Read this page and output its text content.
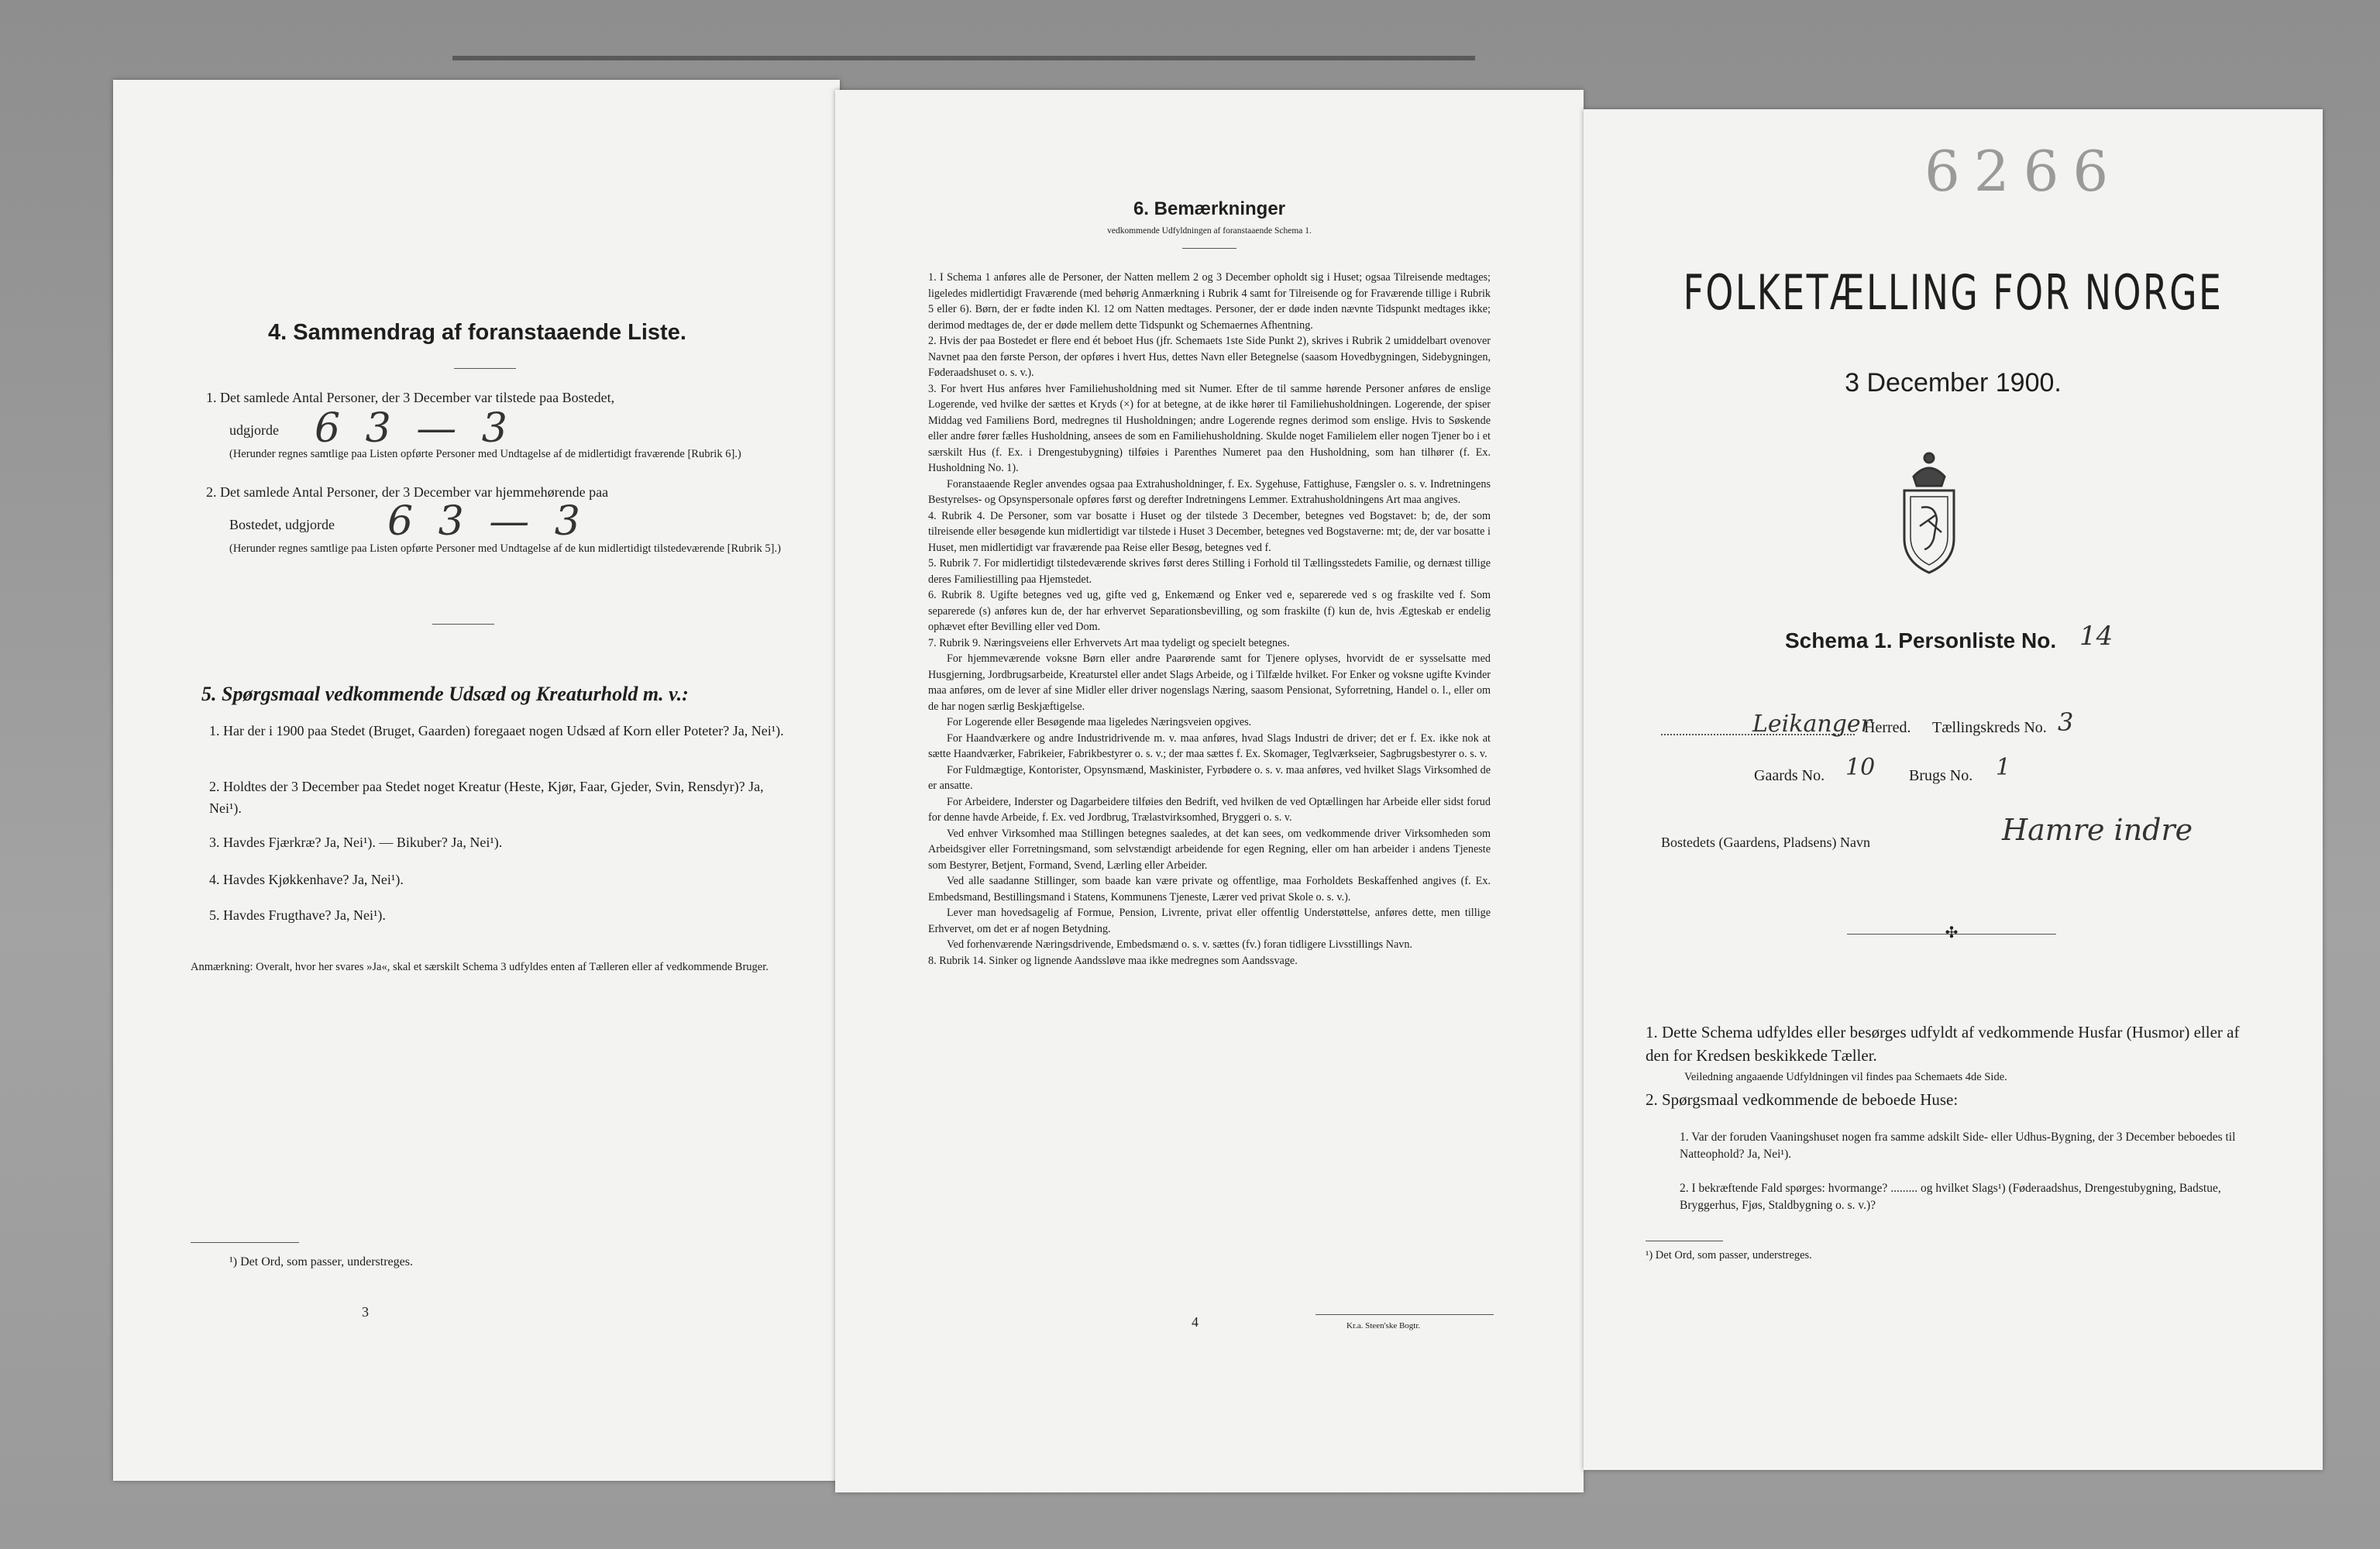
4. Sammendrag af foranstaaende Liste.
1. Det samlede Antal Personer, der 3 December var tilstede paa Bostedet,
udgjorde 6 3 — 3
(Herunder regnes samtlige paa Listen opførte Personer med Undtagelse af de midlertidigt fraværende [Rubrik 6].)
2. Det samlede Antal Personer, der 3 December var hjemmehørende paa
Bostedet, udgjorde 6 3 — 3
(Herunder regnes samtlige paa Listen opførte Personer med Undtagelse af de kun midlertidigt tilstedeværende [Rubrik 5].)
5. Spørgsmaal vedkommende Udsæd og Kreaturhold m. v.:
1. Har der i 1900 paa Stedet (Bruget, Gaarden) foregaaet nogen Udsæd af Korn eller Poteter? Ja, Nei¹).
2. Holdtes der 3 December paa Stedet noget Kreatur (Heste, Kjør, Faar, Gjeder, Svin, Rensdyr)? Ja, Nei¹).
3. Havdes Fjærkræ? Ja, Nei¹). — Bikuber? Ja, Nei¹).
4. Havdes Kjøkkenhave? Ja, Nei¹).
5. Havdes Frugthave? Ja, Nei¹).
Anmærkning: Overalt, hvor her svares »Ja«, skal et særskilt Schema 3 udfyldes enten af Tælleren eller af vedkommende Bruger.
¹) Det Ord, som passer, understreges.
3
6. Bemærkninger
vedkommende Udfyldningen af foranstaaende Schema 1.
1. I Schema 1 anføres alle de Personer, der Natten mellem 2 og 3 December opholdt sig i Huset; ogsaa Tilreisende medtages; ligeledes midlertidigt Fraværende (med behørig Anmærkning i Rubrik 4 samt for Tilreisende og for Fraværende tillige i Rubrik 5 eller 6). Børn, der er fødte inden Kl. 12 om Natten medtages. Personer, der er døde inden nævnte Tidspunkt medtages ikke; derimod medtages de, der er døde mellem dette Tidspunkt og Schemaernes Afhentning.
2. Hvis der paa Bostedet er flere end ét beboet Hus (jfr. Schemaets 1ste Side Punkt 2), skrives i Rubrik 2 umiddelbart ovenover Navnet paa den første Person, der opføres i hvert Hus, dettes Navn eller Betegnelse (saasom Hovedbygningen, Sidebygningen, Føderaadshuset o. s. v.).
3. For hvert Hus anføres hver Familiehusholdning med sit Numer. Efter de til samme hørende Personer anføres de enslige Logerende, ved hvilke der sættes et Kryds (×) for at betegne, at de ikke hører til Familiehusholdningen. Logerende, der spiser Middag ved Familiens Bord, medregnes til Husholdningen; andre Logerende regnes derimod som enslige. Hvis to Søskende eller andre fører fælles Husholdning, ansees de som en Familiehusholdning. Skulde noget Familielem eller nogen Tjener bo i et særskilt Hus (f. Ex. i Drengestubygning) tilføies i Parenthes Numeret paa den Husholdning, som han tilhører (f. Ex. Husholdning No. 1).
Foranstaaende Regler anvendes ogsaa paa Extrahusholdninger, f. Ex. Sygehuse, Fattighuse, Fængsler o. s. v. Indretningens Bestyrelses- og Opsynspersonale opføres først og derefter Indretningens Lemmer. Extrahusholdningens Art maa angives.
4. Rubrik 4. De Personer, som var bosatte i Huset og der tilstede 3 December, betegnes ved Bogstavet: b; de, der som tilreisende eller besøgende kun midlertidigt var tilstede i Huset 3 December, betegnes ved Bogstaverne: mt; de, der var bosatte i Huset, men midlertidigt var fraværende paa Reise eller Besøg, betegnes ved f.
5. Rubrik 7. For midlertidigt tilstedeværende skrives først deres Stilling i Forhold til Tællingsstedets Familie, og dernæst tillige deres Familiestilling paa Hjemstedet.
6. Rubrik 8. Ugifte betegnes ved ug, gifte ved g, Enkemænd og Enker ved e, separerede ved s og fraskilte ved f. Som separerede (s) anføres kun de, der har erhvervet Separationsbevilling, og som fraskilte (f) kun de, hvis Ægteskab er endelig ophævet efter Bevilling eller ved Dom.
7. Rubrik 9. Næringsveiens eller Erhvervets Art maa tydeligt og specielt betegnes.
For hjemmeværende voksne Børn eller andre Paarørende samt for Tjenere oplyses, hvorvidt de er sysselsatte med Husgjerning, Jordbrugsarbeide, Kreaturstel eller andet Slags Arbeide, og i Tilfælde hvilket. For Enker og voksne ugifte Kvinder maa anføres, om de lever af sine Midler eller driver nogenslags Næring, saasom Pensionat, Syforretning, Handel o. l., eller om de har nogen særlig Beskjæftigelse.
For Logerende eller Besøgende maa ligeledes Næringsveien opgives.
For Haandværkere og andre Industridrivende m. v. maa anføres, hvad Slags Industri de driver; det er f. Ex. ikke nok at sætte Haandværker, Fabrikeier, Fabrikbestyrer o. s. v.; der maa sættes f. Ex. Skomager, Teglværkseier, Sagbrugsbestyrer o. s. v.
For Fuldmægtige, Kontorister, Opsynsmænd, Maskinister, Fyrbødere o. s. v. maa anføres, ved hvilket Slags Virksomhed de er ansatte.
For Arbeidere, Inderster og Dagarbeidere tilføies den Bedrift, ved hvilken de ved Optællingen har Arbeide eller sidst forud for denne havde Arbeide, f. Ex. ved Jordbrug, Trælastvirksomhed, Bryggeri o. s. v.
Ved enhver Virksomhed maa Stillingen betegnes saaledes, at det kan sees, om vedkommende driver Virksomheden som Arbeidsgiver eller Forretningsmand, som selvstændigt arbeidende for egen Regning, eller om han arbeider i andens Tjeneste som Bestyrer, Betjent, Formand, Svend, Lærling eller Arbeider.
Ved alle saadanne Stillinger, som baade kan være private og offentlige, maa Forholdets Beskaffenhed angives (f. Ex. Embedsmand, Bestillingsmand i Statens, Kommunens Tjeneste, Lærer ved privat Skole o. s. v.).
Lever man hovedsagelig af Formue, Pension, Livrente, privat eller offentlig Understøttelse, anføres dette, men tillige Erhvervet, om det er af nogen Betydning.
Ved forhenværende Næringsdrivende, Embedsmænd o. s. v. sættes (fv.) foran tidligere Livsstillings Navn.
8. Rubrik 14. Sinker og lignende Aandssløve maa ikke medregnes som Aandssvage.
4	Kr.a. Steen'ske Bogtr.
6266
FOLKETÆLLING FOR NORGE
3 December 1900.
Schema 1. Personliste No. 14
Leikanger
Herred. Tællingskreds No. 3
Gaards No. 10 Brugs No. 1
Bostedets (Gaardens, Pladsens) Navn	Hamre indre
✣
1. Dette Schema udfyldes eller besørges udfyldt af vedkommende Husfar (Husmor) eller af den for Kredsen beskikkede Tæller.
Veiledning angaaende Udfyldningen vil findes paa Schemaets 4de Side.
2. Spørgsmaal vedkommende de beboede Huse:
1. Var der foruden Vaaningshuset nogen fra samme adskilt Side- eller Udhus-Bygning, der 3 December beboedes til Natteophold? Ja, Nei¹).
2. I bekræftende Fald spørges: hvormange? ......... og hvilket Slags¹) (Føderaadshus, Drengestubygning, Badstue, Bryggerhus, Fjøs, Staldbygning o. s. v.)?
¹) Det Ord, som passer, understreges.
